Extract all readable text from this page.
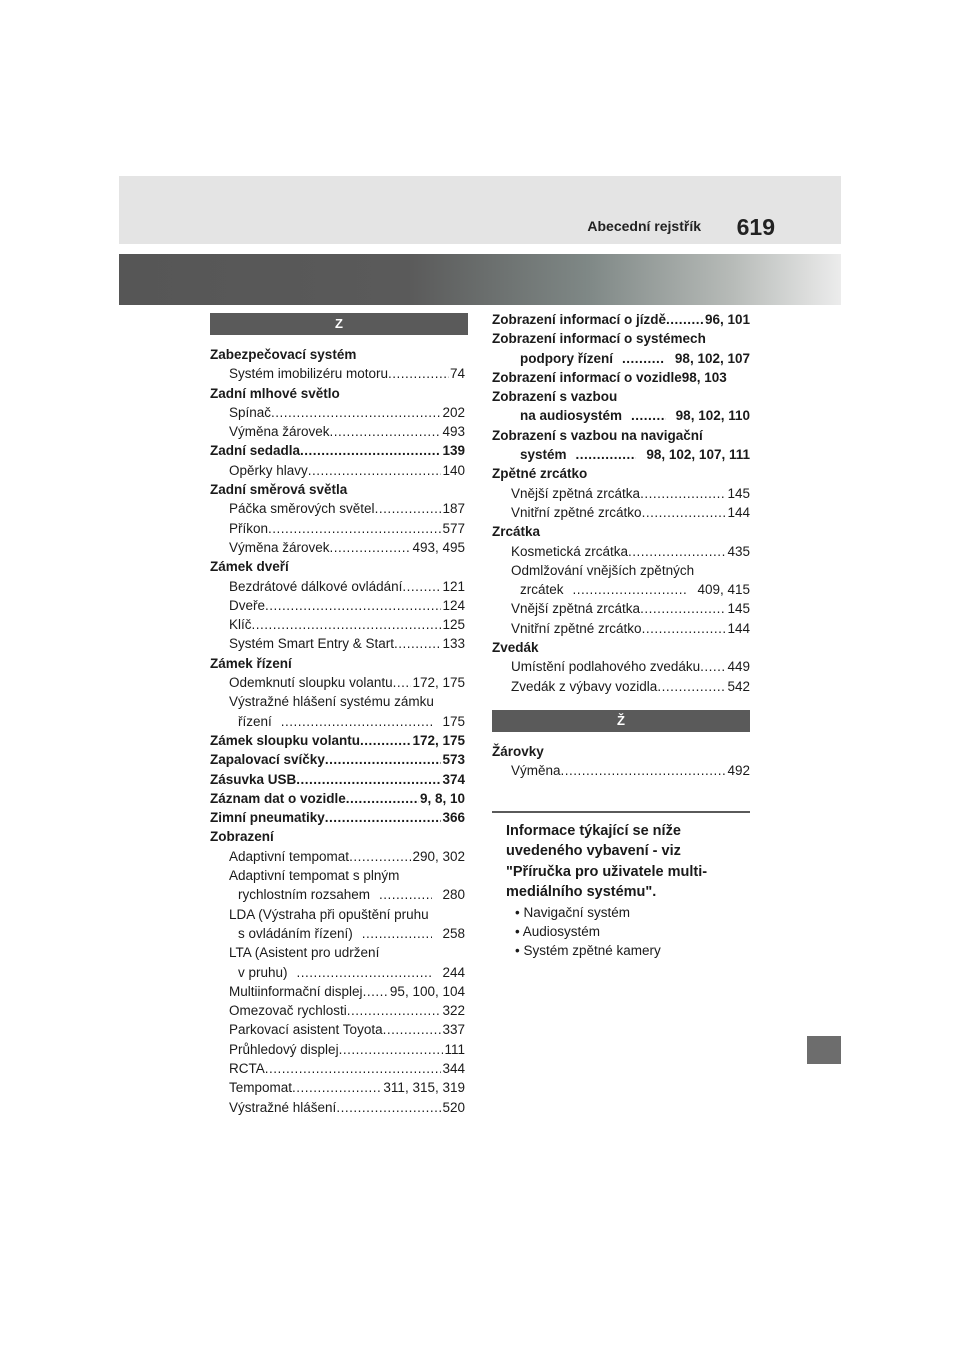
Abecední rejstřík 619
Z
Zabezpečovací systém
Systém imobilizéru motoru .....	74
Zadní mlhové světlo
Spínač .....	202
Výměna žárovek .....	493
Zadní sedadla .....	139
Opěrky hlavy .....	140
Zadní směrová světla
Páčka směrových světel .....	187
Příkon .....	577
Výměna žárovek .....	493, 495
Zámek dveří
Bezdrátové dálkové ovládání .....	121
Dveře .....	124
Klíč .....	125
Systém Smart Entry & Start .....	133
Zámek řízení
Odemknutí sloupku volantu ..... 172, 175
Výstražné hlášení systému zámku
řízení .....	175
Zámek sloupku volantu .....	172, 175
Zapalovací svíčky .....	573
Zásuvka USB .....	374
Záznam dat o vozidle .....	9, 8, 10
Zimní pneumatiky .....	366
Zobrazení
Adaptivní tempomat .....	290, 302
Adaptivní tempomat s plným
rychlostním rozsahem .....	280
LDA (Výstraha při opuštění pruhu
s ovládáním řízení) .....	258
LTA (Asistent pro udržení
v pruhu) .....	244
Multiinformační displej ..... 95, 100, 104
Omezovač rychlosti .....	322
Parkovací asistent Toyota .....	337
Průhledový displej .....	111
RCTA .....	344
Tempomat .....	311, 315, 319
Výstražné hlášení .....	520
Zobrazení informací o jízdě .....	96, 101
Zobrazení informací o systémech
podpory řízení .....	98, 102, 107
Zobrazení informací o vozidle98, 103
Zobrazení s vazbou
na audiosystém .....	98, 102, 110
Zobrazení s vazbou na navigační
systém .....	98, 102, 107, 111
Zpětné zrcátko
Vnější zpětná zrcátka .....	145
Vnitřní zpětné zrcátko .....	144
Zrcátka
Kosmetická zrcátka .....	435
Odmlžování vnějších zpětných
zrcátek .....	409, 415
Vnější zpětná zrcátka .....	145
Vnitřní zpětné zrcátko .....	144
Zvedák
Umístění podlahového zvedáku ..... 449
Zvedák z výbavy vozidla .....	542
Ž
Žárovky
Výměna .....	492
Informace týkající se níže uvedeného vybavení - viz "Příručka pro uživatele multi-mediálního systému".
• Navigační systém
• Audiosystém
• Systém zpětné kamery
